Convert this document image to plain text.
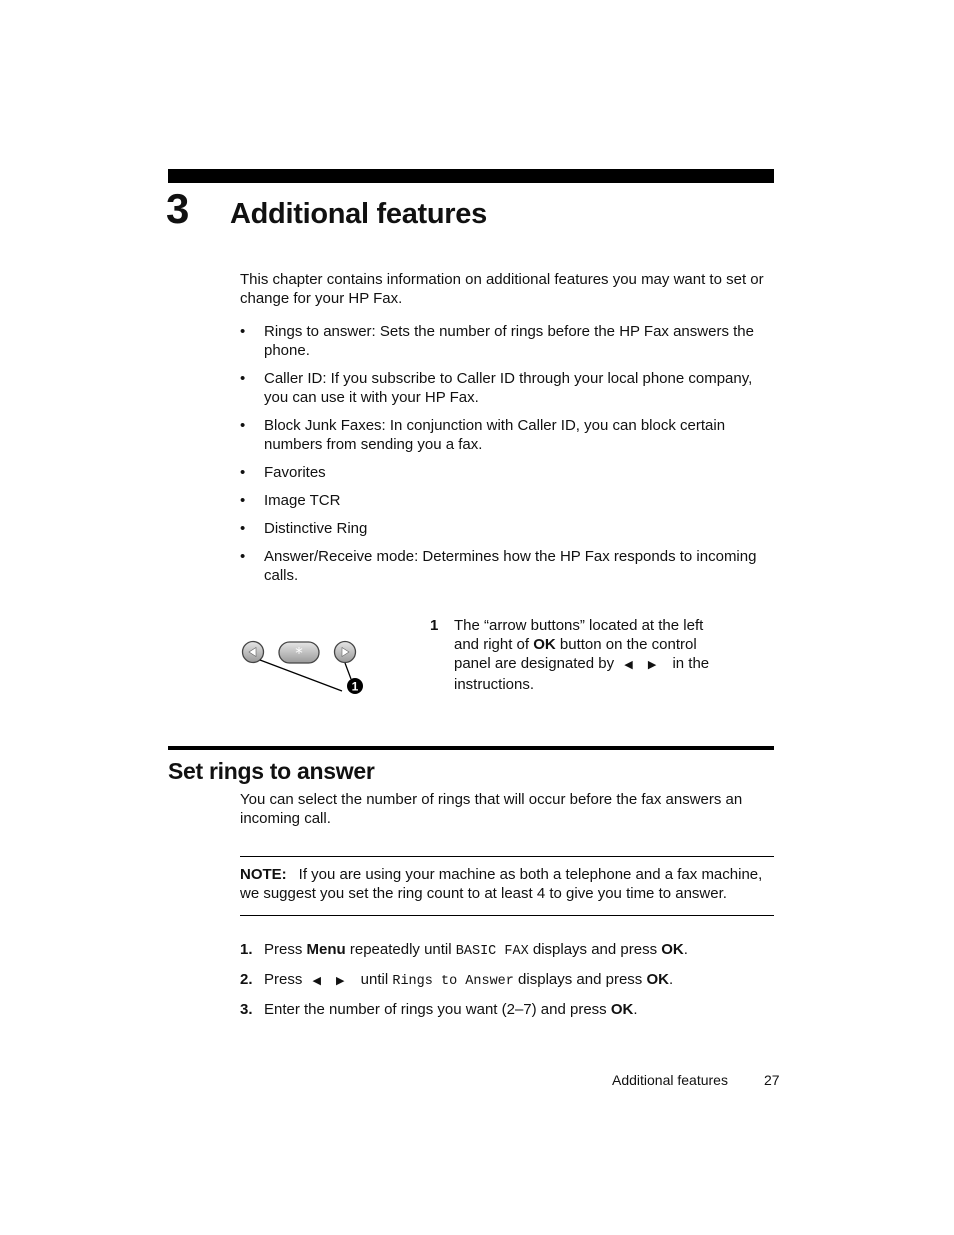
3 Additional features

This chapter contains information on additional features you may want to set or change for your HP Fax.

• Rings to answer: Sets the number of rings before the HP Fax answers the phone.
• Caller ID: If you subscribe to Caller ID through your local phone company, you can use it with your HP Fax.
• Block Junk Faxes: In conjunction with Caller ID, you can block certain numbers from sending you a fax.
• Favorites
• Image TCR
• Distinctive Ring
• Answer/Receive mode: Determines how the HP Fax responds to incoming calls.
*
1
1 The “arrow buttons” located at the left and right of OK button on the control panel are designated by ◀ ▶ in the instructions.
Set rings to answer

You can select the number of rings that will occur before the fax answers an incoming call.

NOTE: If you are using your machine as both a telephone and a fax machine, we suggest you set the ring count to at least 4 to give you time to answer.

1. Press Menu repeatedly until BASIC FAX displays and press OK.
2. Press ◀ ▶ until Rings to Answer displays and press OK.
3. Enter the number of rings you want (2–7) and press OK.
Additional features	27
